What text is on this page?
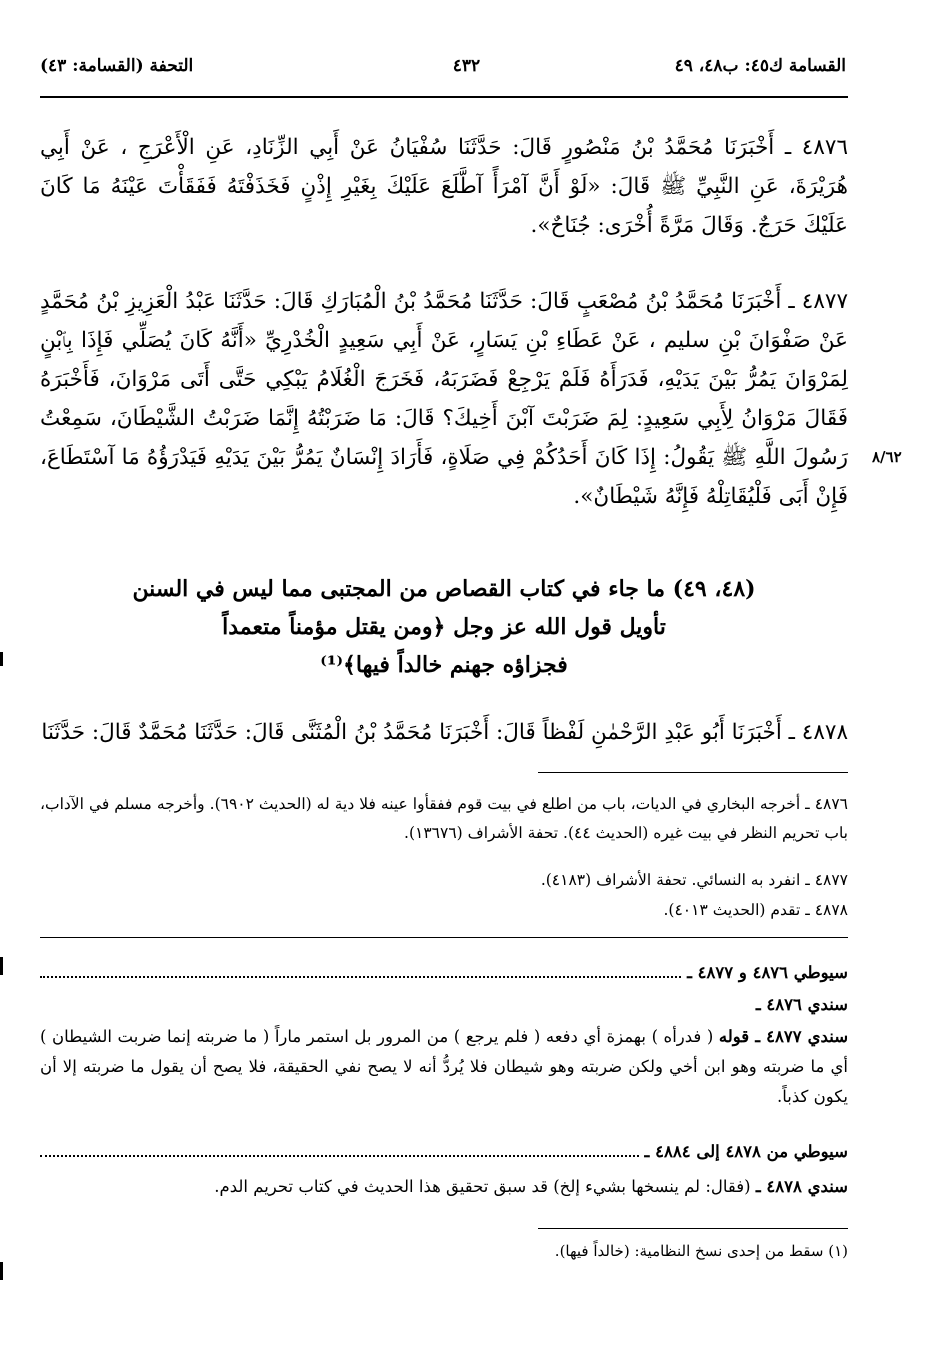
القسامة ك٤٥: ب٤٨، ٤٩
٤٣٢
التحفة (القسامة: ٤٣)

٤٨٧٦ ـ أَخْبَرَنَا مُحَمَّدُ بْنُ مَنْصُورٍ قَالَ: حَدَّثَنَا سُفْيَانُ عَنْ أَبِي الزِّنَادِ، عَنِ الْأَعْرَجِ ، عَنْ أَبِي هُرَيْرَةَ، عَنِ النَّبِيِّ ﷺ قَالَ: «لَوْ أَنَّ آمْرَأً آطَّلَعَ عَلَيْكَ بِغَيْرِ إِذْنٍ فَخَذَفْتَهُ فَفَقَأْتَ عَيْنَهُ مَا كَانَ عَلَيْكَ حَرَجٌ. وَقَالَ مَرَّةً أُخْرَى: جُنَاحٌ».

٤٨٧٧ ـ أَخْبَرَنَا مُحَمَّدُ بْنُ مُصْعَبٍ قَالَ: حَدَّثَنَا مُحَمَّدُ بْنُ الْمُبَارَكِ قَالَ: حَدَّثَنَا عَبْدُ الْعَزِيزِ بْنُ مُحَمَّدٍ عَنْ صَفْوَانَ بْنِ سليم ، عَنْ عَطَاءِ بْنِ يَسَارٍ، عَنْ أَبِي سَعِيدٍ الْخُدْرِيِّ «أَنَّهُ كَانَ يُصَلِّي فَإِذَا بِٱبْنٍ لِمَرْوَانَ يَمُرُّ بَيْنَ يَدَيْهِ، فَدَرَأَهُ فَلَمْ يَرْجِعْ فَضَرَبَهُ، فَخَرَجَ الْغُلَامُ يَبْكِي حَتَّى أَتَى مَرْوَانَ، فَأَخْبَرَهُ فَقَالَ مَرْوَانُ لِأَبِي سَعِيدٍ: لِمَ ضَرَبْتَ آبْنَ أَخِيكَ؟ قَالَ: مَا ضَرَبْتُهُ إِنَّمَا ضَرَبْتُ الشَّيْطَانَ، سَمِعْتُ رَسُولَ اللَّهِ ﷺ يَقُولُ: إِذَا كَانَ أَحَدُكُمْ فِي صَلَاةٍ، فَأَرَادَ إِنْسَانٌ يَمُرُّ بَيْنَ يَدَيْهِ فَيَدْرَؤُهُ مَا آسْتَطَاعَ، فَإِنْ أَبَى فَلْيُقَاتِلْهُ فَإِنَّهُ شَيْطَانٌ».

٨/٦٢
(٤٨، ٤٩) ما جاء في كتاب القصاص من المجتبى مما ليس في السنن
تأويل قول الله عز وجل ﴿ومن يقتل مؤمناً متعمداً
فجزاؤه جهنم خالداً فيها﴾⁽¹⁾

٤٨٧٨ ـ أَخْبَرَنَا أَبُو عَبْدِ الرَّحْمٰنِ لَفْظاً قَالَ: أَخْبَرَنَا مُحَمَّدُ بْنُ الْمُثَنَّى قَالَ: حَدَّثَنَا مُحَمَّدٌ قَالَ: حَدَّثَنَا

٤٨٧٦ ـ أخرجه البخاري في الديات، باب من اطلع في بيت قوم ففقأوا عينه فلا دية له (الحديث ٦٩٠٢). وأخرجه مسلم في الآداب، باب تحريم النظر في بيت غيره (الحديث ٤٤). تحفة الأشراف (١٣٦٧٦).
٤٨٧٧ ـ انفرد به النسائي. تحفة الأشراف (٤١٨٣).
٤٨٧٨ ـ تقدم (الحديث ٤٠١٣).
سيوطي ٤٨٧٦ و ٤٨٧٧ ـ
سندي ٤٨٧٦ ـ
سندي ٤٨٧٧ ـ قوله ( فدرأه ) بهمزة أي دفعه ( فلم يرجع ) من المرور بل استمر ماراً ( ما ضربته إنما ضربت الشيطان ) أي ما ضربته وهو ابن أخي ولكن ضربته وهو شيطان فلا يُردُّ أنه لا يصح نفي الحقيقة، فلا يصح أن يقول ما ضربته إلا أن يكون كذباً.
سيوطي من ٤٨٧٨ إلى ٤٨٨٤ ـ
سندي ٤٨٧٨ ـ (فقال: لم ينسخها بشيء إلخ) قد سبق تحقيق هذا الحديث في كتاب تحريم الدم.
(١) سقط من إحدى نسخ النظامية: (خالداً فيها).
